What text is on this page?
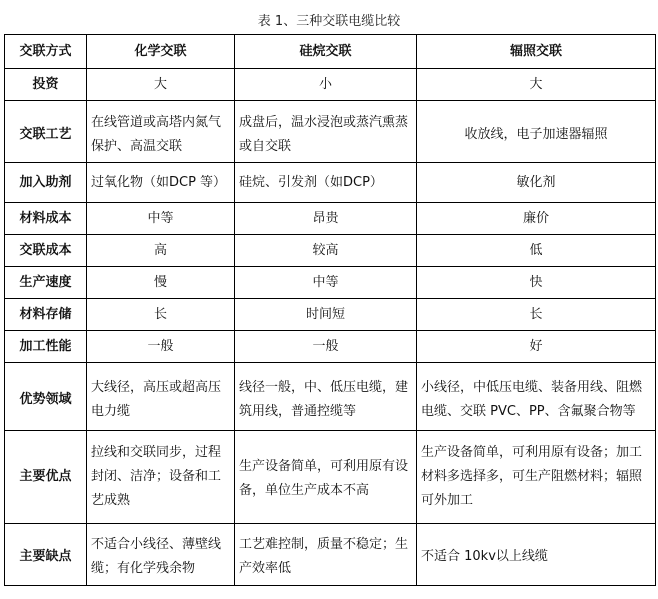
表 1、三种交联电缆比较
交联方式	化学交联	硅烷交联	辐照交联
投资	大	小	大
交联工艺	在线管道或高塔内氮气保护、高温交联	成盘后，温水浸泡或蒸汽熏蒸或自交联	收放线，电子加速器辐照
加入助剂	过氧化物（如DCP 等）	硅烷、引发剂（如DCP）	敏化剂
材料成本	中等	昂贵	廉价
交联成本	高	较高	低
生产速度	慢	中等	快
材料存储	长	时间短	长
加工性能	一般	一般	好
优势领域	大线径，高压或超高压电力缆	线径一般，中、低压电缆，建筑用线，普通控缆等	小线径，中低压电缆、装备用线、阻燃电缆、交联 PVC、PP、含氟聚合物等
主要优点	拉线和交联同步，过程封闭、洁净；设备和工艺成熟	生产设备简单，可利用原有设备，单位生产成本不高	生产设备简单，可利用原有设备；加工材料多选择多，可生产阻燃材料；辐照可外加工
主要缺点	不适合小线径、薄壁线缆；有化学残余物	工艺难控制，质量不稳定；生产效率低	不适合 10kv以上线缆
